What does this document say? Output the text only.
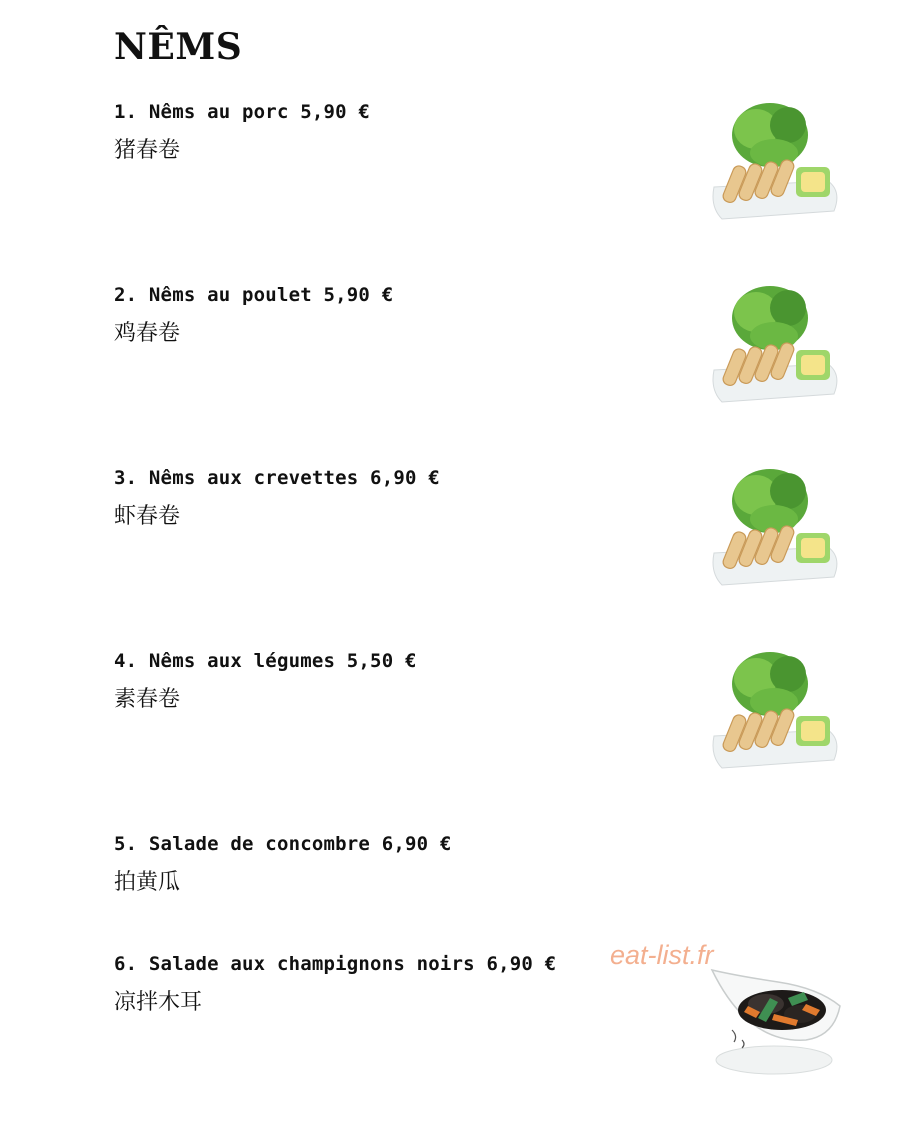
NÊMS
1. Nêms au porc 5,90 €
猪春卷
2. Nêms au poulet 5,90 €
鸡春卷
3. Nêms aux crevettes 6,90 €
虾春卷
4. Nêms aux légumes 5,50 €
素春卷
5. Salade de concombre 6,90 €
拍黄瓜
6. Salade aux champignons noirs 6,90 €
凉拌木耳
eat-list.fr
